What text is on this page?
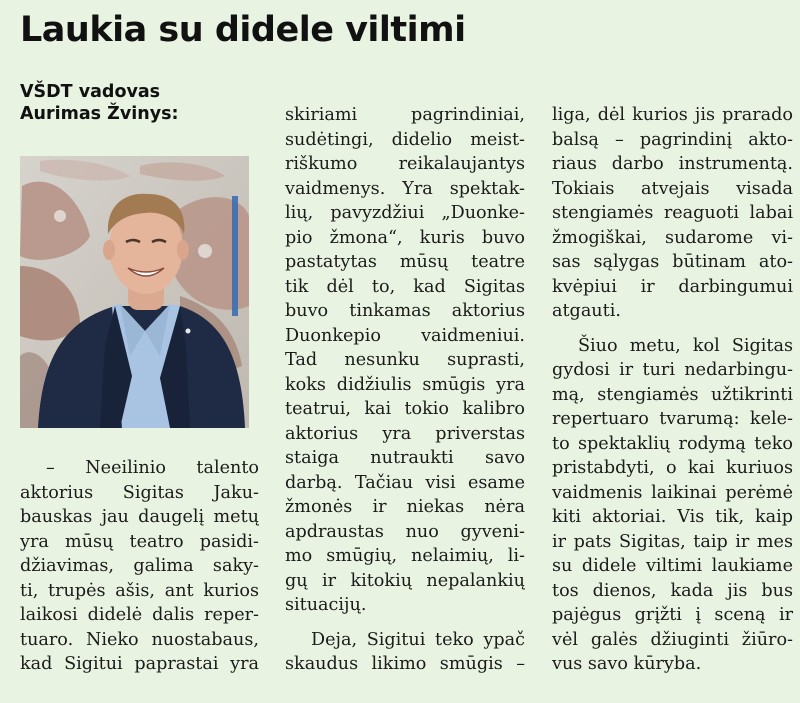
Laukia su didele viltimi
VŠDT vadovas
Aurimas Žvinys:

– Neeilinio talento
aktorius Sigitas Jaku-
bauskas jau daugelį metų
yra mūsų teatro pasidi-
džiavimas, galima saky-
ti, trupės ašis, ant kurios
laikosi didelė dalis reper-
tuaro. Nieko nuostabaus,
kad Sigitui paprastai yra

skiriami pagrindiniai,
sudėtingi, didelio meist-
riškumo reikalaujantys
vaidmenys. Yra spektak-
lių, pavyzdžiui „Duonke-
pio žmona“, kuris buvo
pastatytas mūsų teatre
tik dėl to, kad Sigitas
buvo tinkamas aktorius
Duonkepio vaidmeniui.
Tad nesunku suprasti,
koks didžiulis smūgis yra
teatrui, kai tokio kalibro
aktorius yra priverstas
staiga nutraukti savo
darbą. Tačiau visi esame
žmonės ir niekas nėra
apdraustas nuo gyveni-
mo smūgių, nelaimių, li-
gų ir kitokių nepalankių
situacijų.

Deja, Sigitui teko ypač
skaudus likimo smūgis –

liga, dėl kurios jis prarado
balsą – pagrindinį akto-
riaus darbo instrumentą.
Tokiais atvejais visada
stengiamės reaguoti labai
žmogiškai, sudarome vi-
sas sąlygas būtinam ato-
kvėpiui ir darbingumui
atgauti.

Šiuo metu, kol Sigitas
gydosi ir turi nedarbingu-
mą, stengiamės užtikrinti
repertuaro tvarumą: kele-
to spektaklių rodymą teko
pristabdyti, o kai kuriuos
vaidmenis laikinai perėmė
kiti aktoriai. Vis tik, kaip
ir pats Sigitas, taip ir mes
su didele viltimi laukiame
tos dienos, kada jis bus
pajėgus grįžti į sceną ir
vėl galės džiuginti žiūro-
vus savo kūryba.
